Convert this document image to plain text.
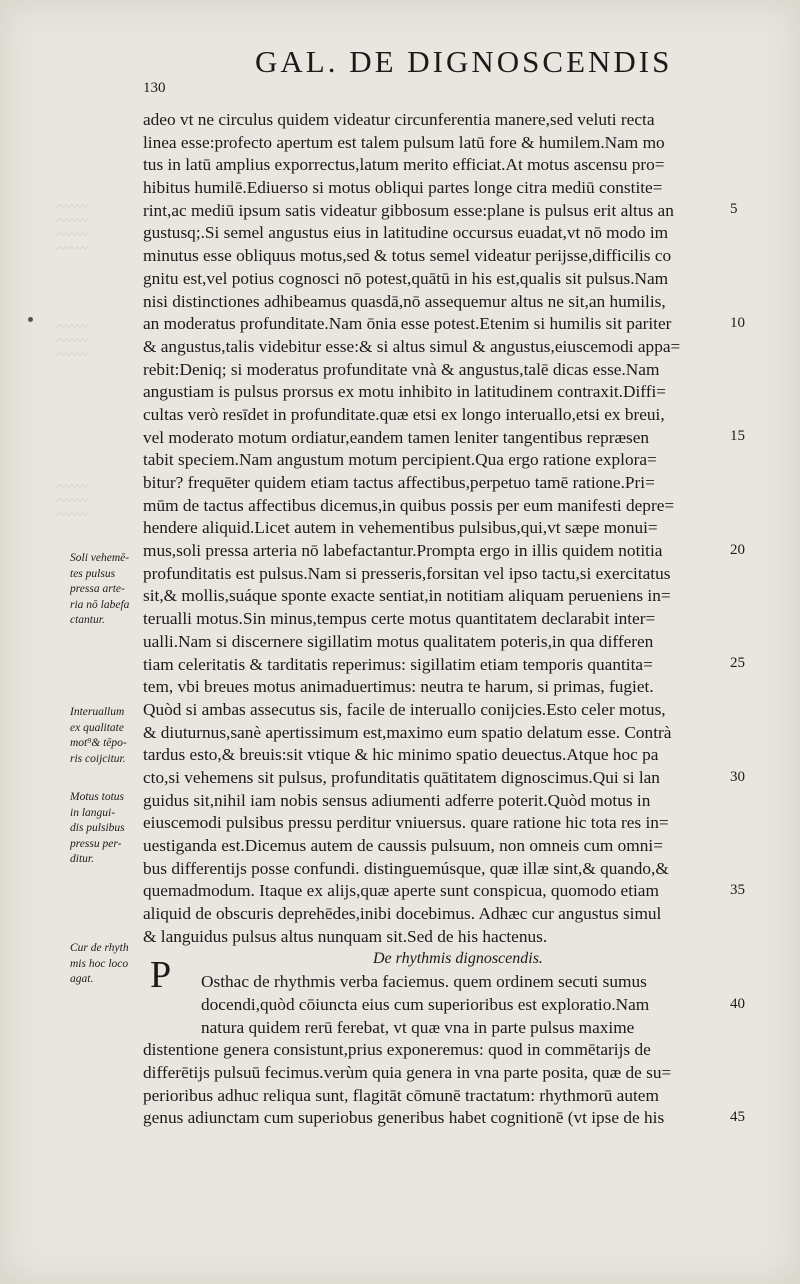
〰〰〰
〰〰〰
〰〰〰
〰〰〰
〰〰〰
〰〰〰
〰〰〰
〰〰〰
〰〰〰
〰〰〰
130
GAL. DE DIGNOSCENDIS
adeo vt ne circulus quidem videatur circunferentia manere,sed veluti recta
linea esse:profecto apertum est talem pulsum latū fore & humilem.Nam mo
tus in latū amplius exporrectus,latum merito efficiat.At motus ascensu pro=
hibitus humilē.Ediuerso si motus obliqui partes longe citra mediū constite=
rint,ac mediū ipsum satis videatur gibbosum esse:plane is pulsus erit altus an
gustusq;.Si semel angustus eius in latitudine occursus euadat,vt nō modo im
minutus esse obliquus motus,sed & totus semel videatur perijsse,difficilis co
gnitu est,vel potius cognosci nō potest,quātū in his est,qualis sit pulsus.Nam
nisi distinctiones adhibeamus quasdā,nō assequemur altus ne sit,an humilis,
an moderatus profunditate.Nam ōnia esse potest.Etenim si humilis sit pariter
& angustus,talis videbitur esse:& si altus simul & angustus,eiuscemodi appa=
rebit:Deniq; si moderatus profunditate vnà & angustus,talē dicas esse.Nam
angustiam is pulsus prorsus ex motu inhibito in latitudinem contraxit.Diffi=
cultas verò resīdet in profunditate.quæ etsi ex longo interuallo,etsi ex breui,
vel moderato motum ordiatur,eandem tamen leniter tangentibus repræsen
tabit speciem.Nam angustum motum percipient.Qua ergo ratione explora=
bitur? frequēter quidem etiam tactus affectibus,perpetuo tamē ratione.Pri=
mūm de tactus affectibus dicemus,in quibus possis per eum manifesti depre=
hendere aliquid.Licet autem in vehementibus pulsibus,qui,vt sæpe monui=
mus,soli pressa arteria nō labefactantur.Prompta ergo in illis quidem notitia
profunditatis est pulsus.Nam si presseris,forsitan vel ipso tactu,si exercitatus
sit,& mollis,suáque sponte exacte sentiat,in notitiam aliquam perueniens in=
terualli motus.Sin minus,tempus certe motus quantitatem declarabit inter=
ualli.Nam si discernere sigillatim motus qualitatem poteris,in qua differen
tiam celeritatis & tarditatis reperimus: sigillatim etiam temporis quantita=
tem, vbi breues motus animaduertimus: neutra te harum, si primas, fugiet.
Quòd si ambas assecutus sis, facile de interuallo conijcies.Esto celer motus,
& diuturnus,sanè apertissimum est,maximo eum spatio delatum esse. Contrà
tardus esto,& breuis:sit vtique & hic minimo spatio deuectus.Atque hoc pa
cto,si vehemens sit pulsus, profunditatis quātitatem dignoscimus.Qui si lan
guidus sit,nihil iam nobis sensus adiumenti adferre poterit.Quòd motus in
eiuscemodi pulsibus pressu perditur vniuersus. quare ratione hic tota res in=
uestiganda est.Dicemus autem de caussis pulsuum, non omneis cum omni=
bus differentijs posse confundi. distinguemúsque, quæ illæ sint,& quando,&
quemadmodum. Itaque ex alijs,quæ aperte sunt conspicua, quomodo etiam
aliquid de obscuris deprehēdes,inibi docebimus. Adhæc cur angustus simul
& languidus pulsus altus nunquam sit.Sed de his hactenus.
De rhythmis dignoscendis.
Osthac de rhythmis verba faciemus. quem ordinem secuti sumus
docendi,quòd cōiuncta eius cum superioribus est exploratio.Nam
natura quidem rerū ferebat, vt quæ vna in parte pulsus maxime
distentione genera consistunt,prius exponeremus: quod in commētarijs de
differētijs pulsuū fecimus.verùm quia genera in vna parte posita, quæ de su=
perioribus adhuc reliqua sunt, flagitāt cōmunē tractatum: rhythmorū autem
genus adiunctam cum superiobus generibus habet cognitionē (vt ipse de his
P
5
10
15
20
25
30
35
40
45
Soli vehemē-
tes pulsus
pressa arte-
ria nō labefa
ctantur.
Interuallum
ex qualitate
mot⁹& tēpo-
ris coijcitur.
Motus totus
in langui-
dis pulsibus
pressu per-
ditur.
Cur de rhyth
mis hoc loco
agat.
